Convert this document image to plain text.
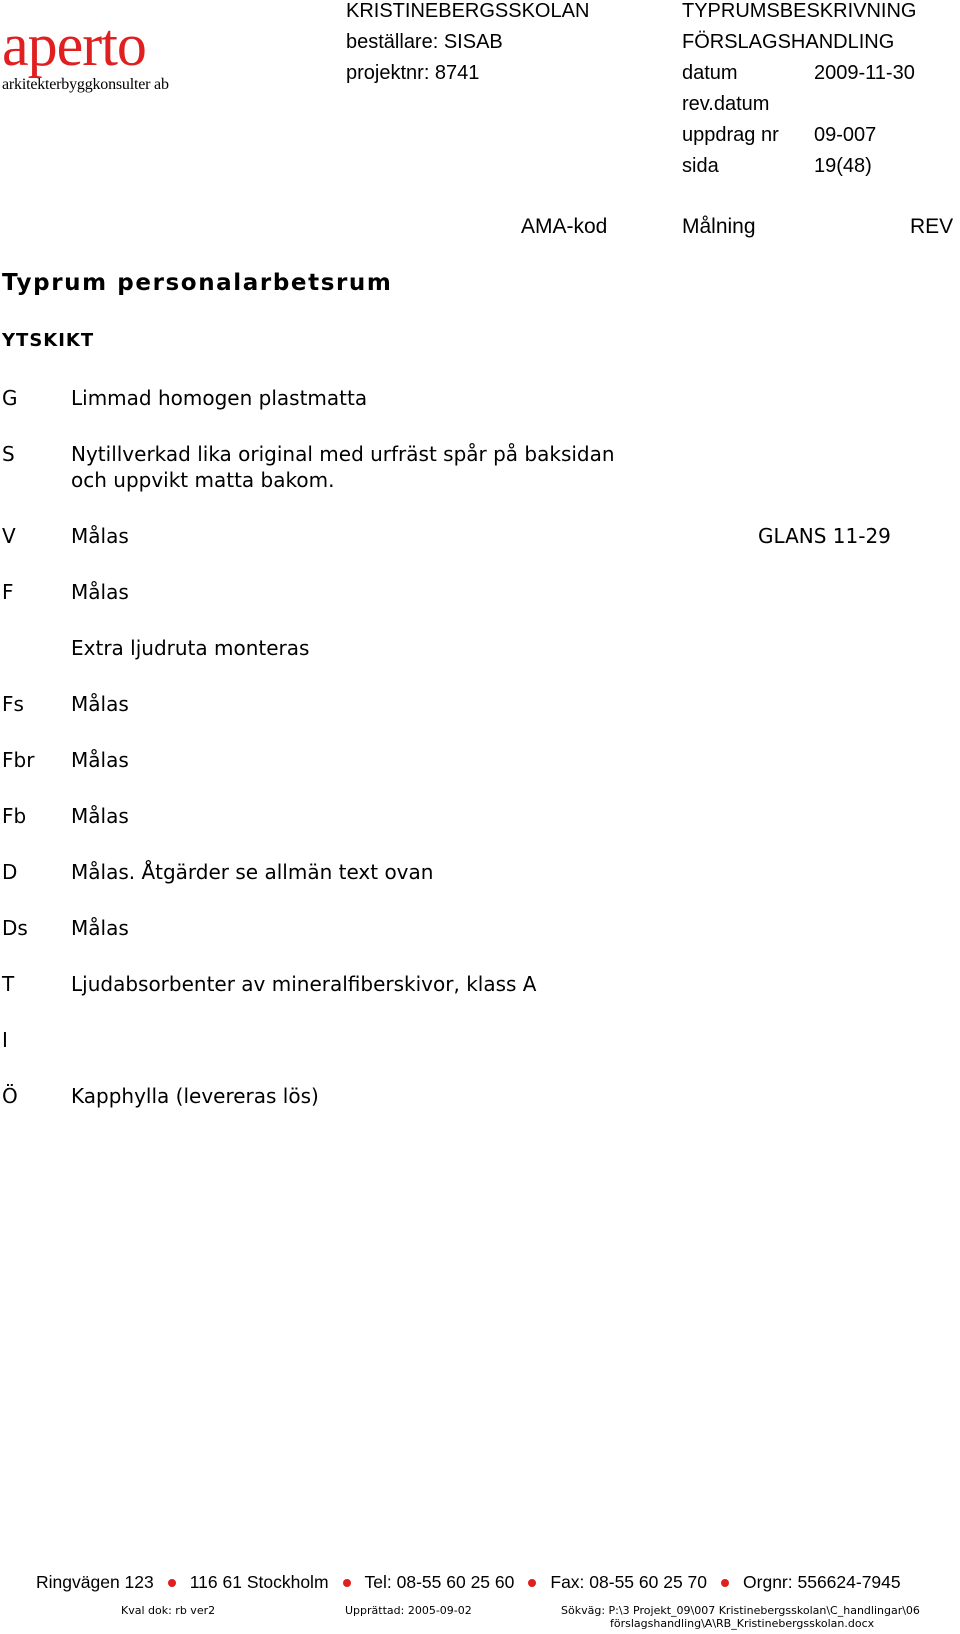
aperto
arkitekterbyggkonsulter ab
KRISTINEBERGSSKOLAN
beställare: SISAB
projektnr: 8741
TYPRUMSBESKRIVNING
FÖRSLAGSHANDLING
datum	2009-11-30
rev.datum
uppdrag nr	09-007
sida	19(48)
AMA-kod	Målning	REV
Typrum personalarbetsrum
YTSKIKT
G	Limmad homogen plastmatta
S	Nytillverkad lika original med urfräst spår på baksidan och uppvikt matta bakom.
V	Målas	GLANS 11-29
F	Målas
Extra ljudruta monteras
Fs Målas
Fbr Målas
Fb Målas
D	Målas. Åtgärder se allmän text ovan
Ds Målas
T	Ljudabsorbenter av mineralfiberskivor, klass A
I
Ö	Kapphylla (levereras lös)
Ringvägen 123 116 61 Stockholm Tel: 08-55 60 25 60 Fax: 08-55 60 25 70 Orgnr: 556624-7945
Kval dok: rb ver2	Upprättad: 2005-09-02	Sökväg: P:\3 Projekt_09\007 Kristinebergsskolan\C_handlingar\06
förslagshandling\A\RB_Kristinebergsskolan.docx
